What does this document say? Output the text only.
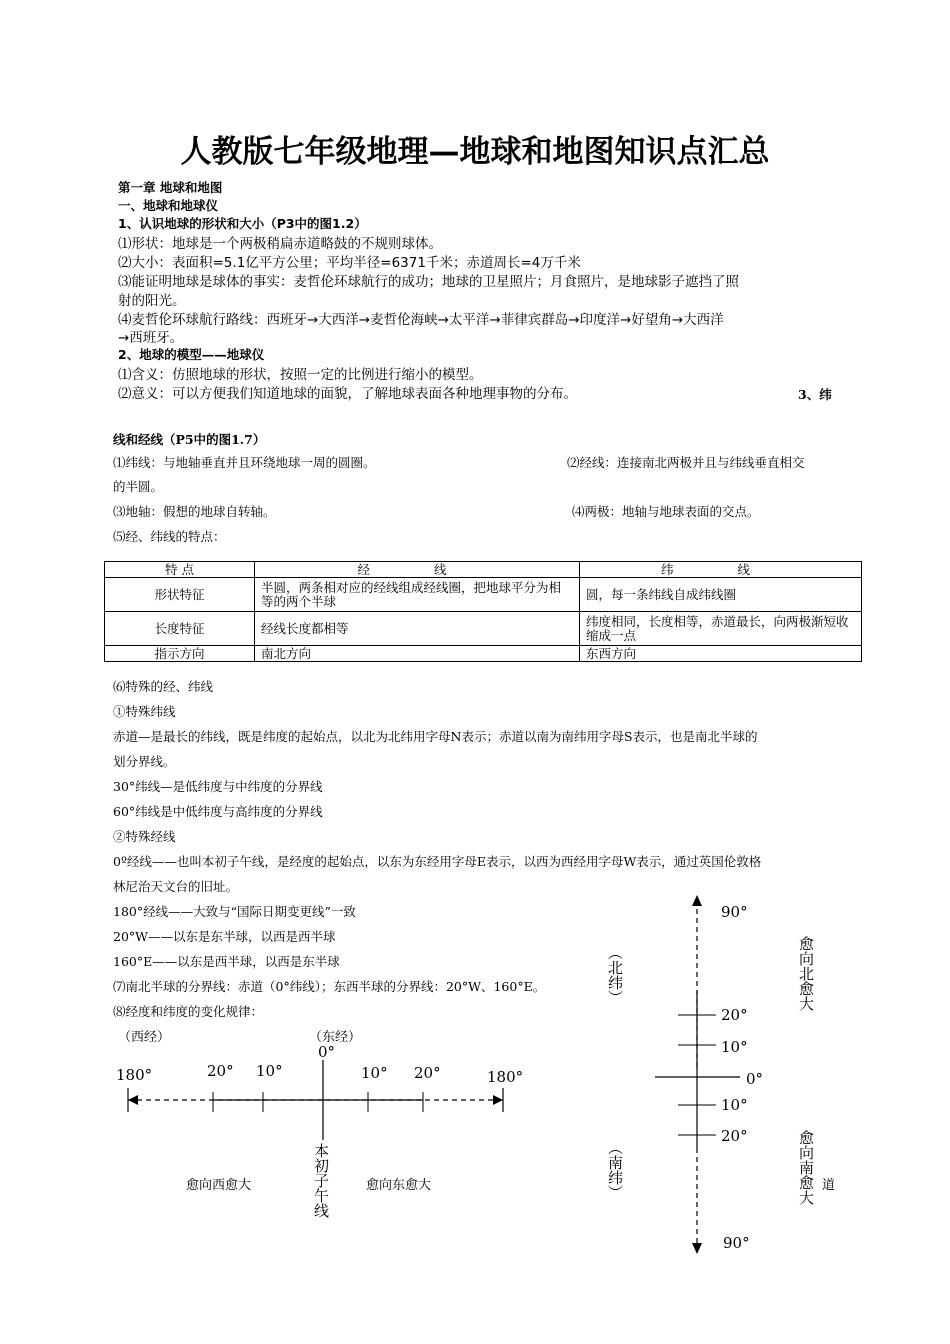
人教版七年级地理—地球和地图知识点汇总
第一章 地球和地图
一、地球和地球仪
1、认识地球的形状和大小（P3中的图1.2）
⑴形状：地球是一个两极稍扁赤道略鼓的不规则球体。
⑵大小：表面积=5.1亿平方公里；平均半径=6371千米；赤道周长=4万千米
⑶能证明地球是球体的事实：麦哲伦环球航行的成功；地球的卫星照片；月食照片，是地球影子遮挡了照
射的阳光。
⑷麦哲伦环球航行路线：西班牙→大西洋→麦哲伦海峡→太平洋→菲律宾群岛→印度洋→好望角→大西洋
→西班牙。
2、地球的模型——地球仪
⑴含义：仿照地球的形状，按照一定的比例进行缩小的模型。
⑵意义：可以方便我们知道地球的面貌，了解地球表面各种地理事物的分布。	3、纬
线和经线（P5中的图1.7）
⑴纬线：与地轴垂直并且环绕地球一周的圆圈。	⑵经线：连接南北两极并且与纬线垂直相交
的半圆。
⑶地轴：假想的地球自转轴。	⑷两极：地轴与地球表面的交点。
⑸经、纬线的特点：
特 点	经 线	纬 线
形状特征	半圆，两条相对应的经线组成经线圈，把地球平分为相等的两个半球	圆，每一条纬线自成纬线圈
长度特征	经线长度都相等	纬度相同，长度相等，赤道最长，向两极渐短收缩成一点
指示方向	南北方向	东西方向
⑹特殊的经、纬线
①特殊纬线
赤道—是最长的纬线，既是纬度的起始点，以北为北纬用字母N表示；赤道以南为南纬用字母S表示，也是南北半球的
划分界线。
30°纬线—是低纬度与中纬度的分界线
60°纬线是中低纬度与高纬度的分界线
②特殊经线
0º经线——也叫本初子午线，是经度的起始点，以东为东经用字母E表示，以西为西经用字母W表示，通过英国伦敦格
林尼治天文台的旧址。
180°经线——大致与“国际日期变更线”一致
20°W——以东是东半球，以西是西半球
160°E——以东是西半球，以西是东半球
⑺南北半球的分界线：赤道（0°纬线）；东西半球的分界线：20°W、160°E。
⑻经度和纬度的变化规律：
（西经）	（东经）
180°	20° 10°
0°
10° 20°	180°
本初子午线
愈向西愈大	愈向东愈大
90°
20°
10°
0°
10°
20°
90°
（北纬）
（南纬）
愈向北愈大
愈向南愈大 道
